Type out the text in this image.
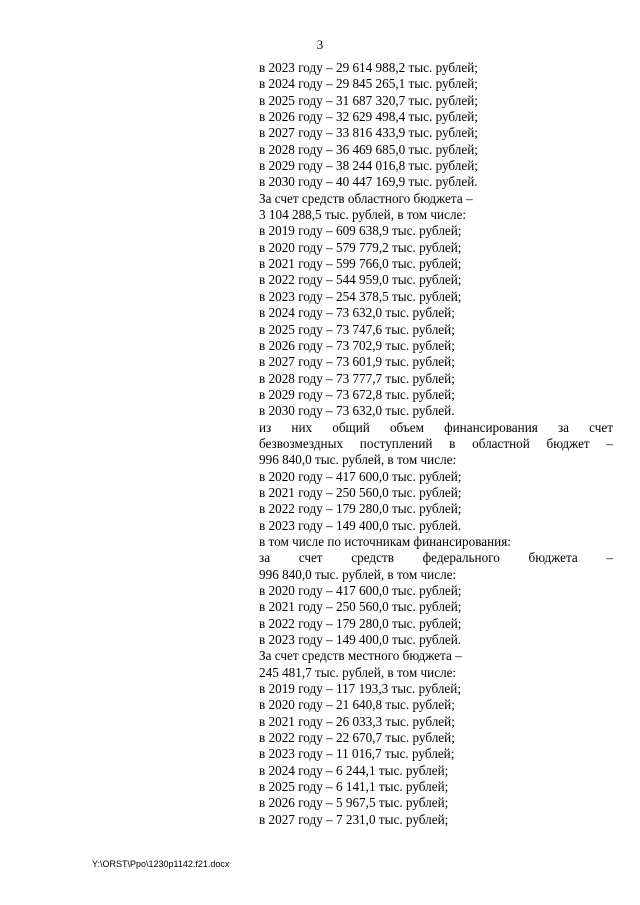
3
в 2023 году – 29 614 988,2 тыс. рублей;
в 2024 году – 29 845 265,1 тыс. рублей;
в 2025 году – 31 687 320,7 тыс. рублей;
в 2026 году – 32 629 498,4 тыс. рублей;
в 2027 году – 33 816 433,9 тыс. рублей;
в 2028 году – 36 469 685,0 тыс. рублей;
в 2029 году – 38 244 016,8 тыс. рублей;
в 2030 году – 40 447 169,9 тыс. рублей.
За счет средств областного бюджета –
3 104 288,5 тыс. рублей, в том числе:
в 2019 году – 609 638,9 тыс. рублей;
в 2020 году – 579 779,2 тыс. рублей;
в 2021 году – 599 766,0 тыс. рублей;
в 2022 году – 544 959,0 тыс. рублей;
в 2023 году – 254 378,5 тыс. рублей;
в 2024 году – 73 632,0 тыс. рублей;
в 2025 году – 73 747,6 тыс. рублей;
в 2026 году – 73 702,9 тыс. рублей;
в 2027 году – 73 601,9 тыс. рублей;
в 2028 году – 73 777,7 тыс. рублей;
в 2029 году – 73 672,8 тыс. рублей;
в 2030 году – 73 632,0 тыс. рублей.
из них общий объем финансирования за счет
безвозмездных поступлений в областной бюджет –
996 840,0 тыс. рублей, в том числе:
в 2020 году – 417 600,0 тыс. рублей;
в 2021 году – 250 560,0 тыс. рублей;
в 2022 году – 179 280,0 тыс. рублей;
в 2023 году – 149 400,0 тыс. рублей.
в том числе по источникам финансирования:
за счет средств федерального бюджета –
996 840,0 тыс. рублей, в том числе:
в 2020 году – 417 600,0 тыс. рублей;
в 2021 году – 250 560,0 тыс. рублей;
в 2022 году – 179 280,0 тыс. рублей;
в 2023 году – 149 400,0 тыс. рублей.
За счет средств местного бюджета –
245 481,7 тыс. рублей, в том числе:
в 2019 году – 117 193,3 тыс. рублей;
в 2020 году – 21 640,8 тыс. рублей;
в 2021 году – 26 033,3 тыс. рублей;
в 2022 году – 22 670,7 тыс. рублей;
в 2023 году – 11 016,7 тыс. рублей;
в 2024 году – 6 244,1 тыс. рублей;
в 2025 году – 6 141,1 тыс. рублей;
в 2026 году – 5 967,5 тыс. рублей;
в 2027 году – 7 231,0 тыс. рублей;
Y:\ORST\Ppo\1230p1142.f21.docx
